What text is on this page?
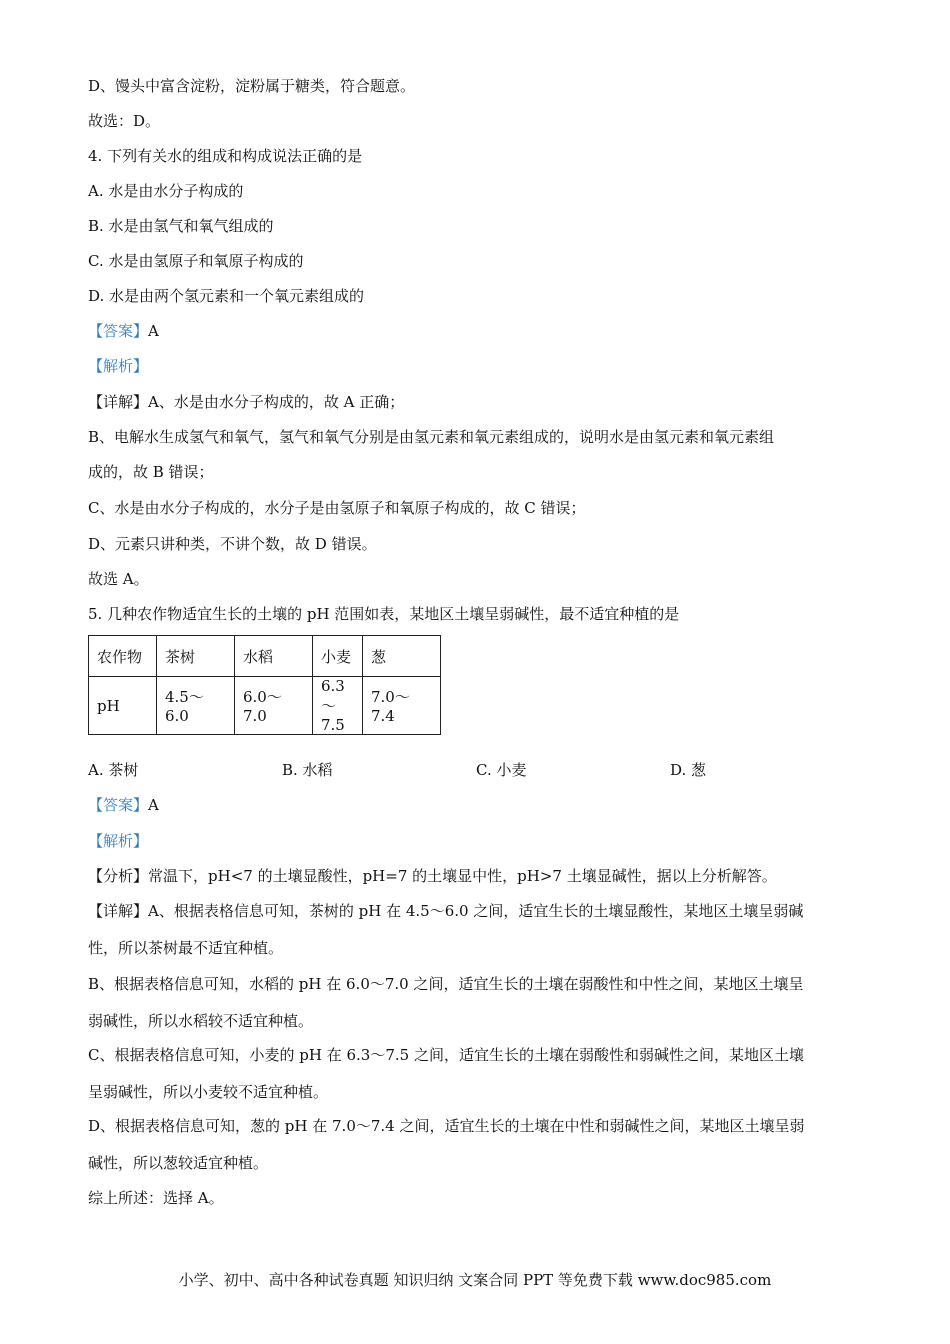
D、馒头中富含淀粉，淀粉属于糖类，符合题意。
故选：D。
4. 下列有关水的组成和构成说法正确的是
A. 水是由水分子构成的
B. 水是由氢气和氧气组成的
C. 水是由氢原子和氧原子构成的
D. 水是由两个氢元素和一个氧元素组成的
【答案】A
【解析】
【详解】A、水是由水分子构成的，故 A 正确；
B、电解水生成氢气和氧气，氢气和氧气分别是由氢元素和氧元素组成的，说明水是由氢元素和氧元素组
成的，故 B 错误；
C、水是由水分子构成的，水分子是由氢原子和氧原子构成的，故 C 错误；
D、元素只讲种类，不讲个数，故 D 错误。
故选 A。
5. 几种农作物适宜生长的土壤的 pH 范围如表，某地区土壤呈弱碱性，最不适宜种植的是
农作物	茶树	水稻	小麦	葱
pH	4.5～6.0	6.0～7.0	6.3～7.5	7.0～7.4
A. 茶树	B. 水稻	C. 小麦	D. 葱
【答案】A
【解析】
【分析】常温下，pH<7 的土壤显酸性，pH=7 的土壤显中性，pH>7 土壤显碱性，据以上分析解答。
【详解】A、根据表格信息可知，茶树的 pH 在 4.5～6.0 之间，适宜生长的土壤显酸性，某地区土壤呈弱碱
性，所以茶树最不适宜种植。
B、根据表格信息可知，水稻的 pH 在 6.0～7.0 之间，适宜生长的土壤在弱酸性和中性之间，某地区土壤呈
弱碱性，所以水稻较不适宜种植。
C、根据表格信息可知，小麦的 pH 在 6.3～7.5 之间，适宜生长的土壤在弱酸性和弱碱性之间，某地区土壤
呈弱碱性，所以小麦较不适宜种植。
D、根据表格信息可知，葱的 pH 在 7.0～7.4 之间，适宜生长的土壤在中性和弱碱性之间，某地区土壤呈弱
碱性，所以葱较适宜种植。
综上所述：选择 A。
小学、初中、高中各种试卷真题 知识归纳 文案合同 PPT 等免费下载 www.doc985.com
